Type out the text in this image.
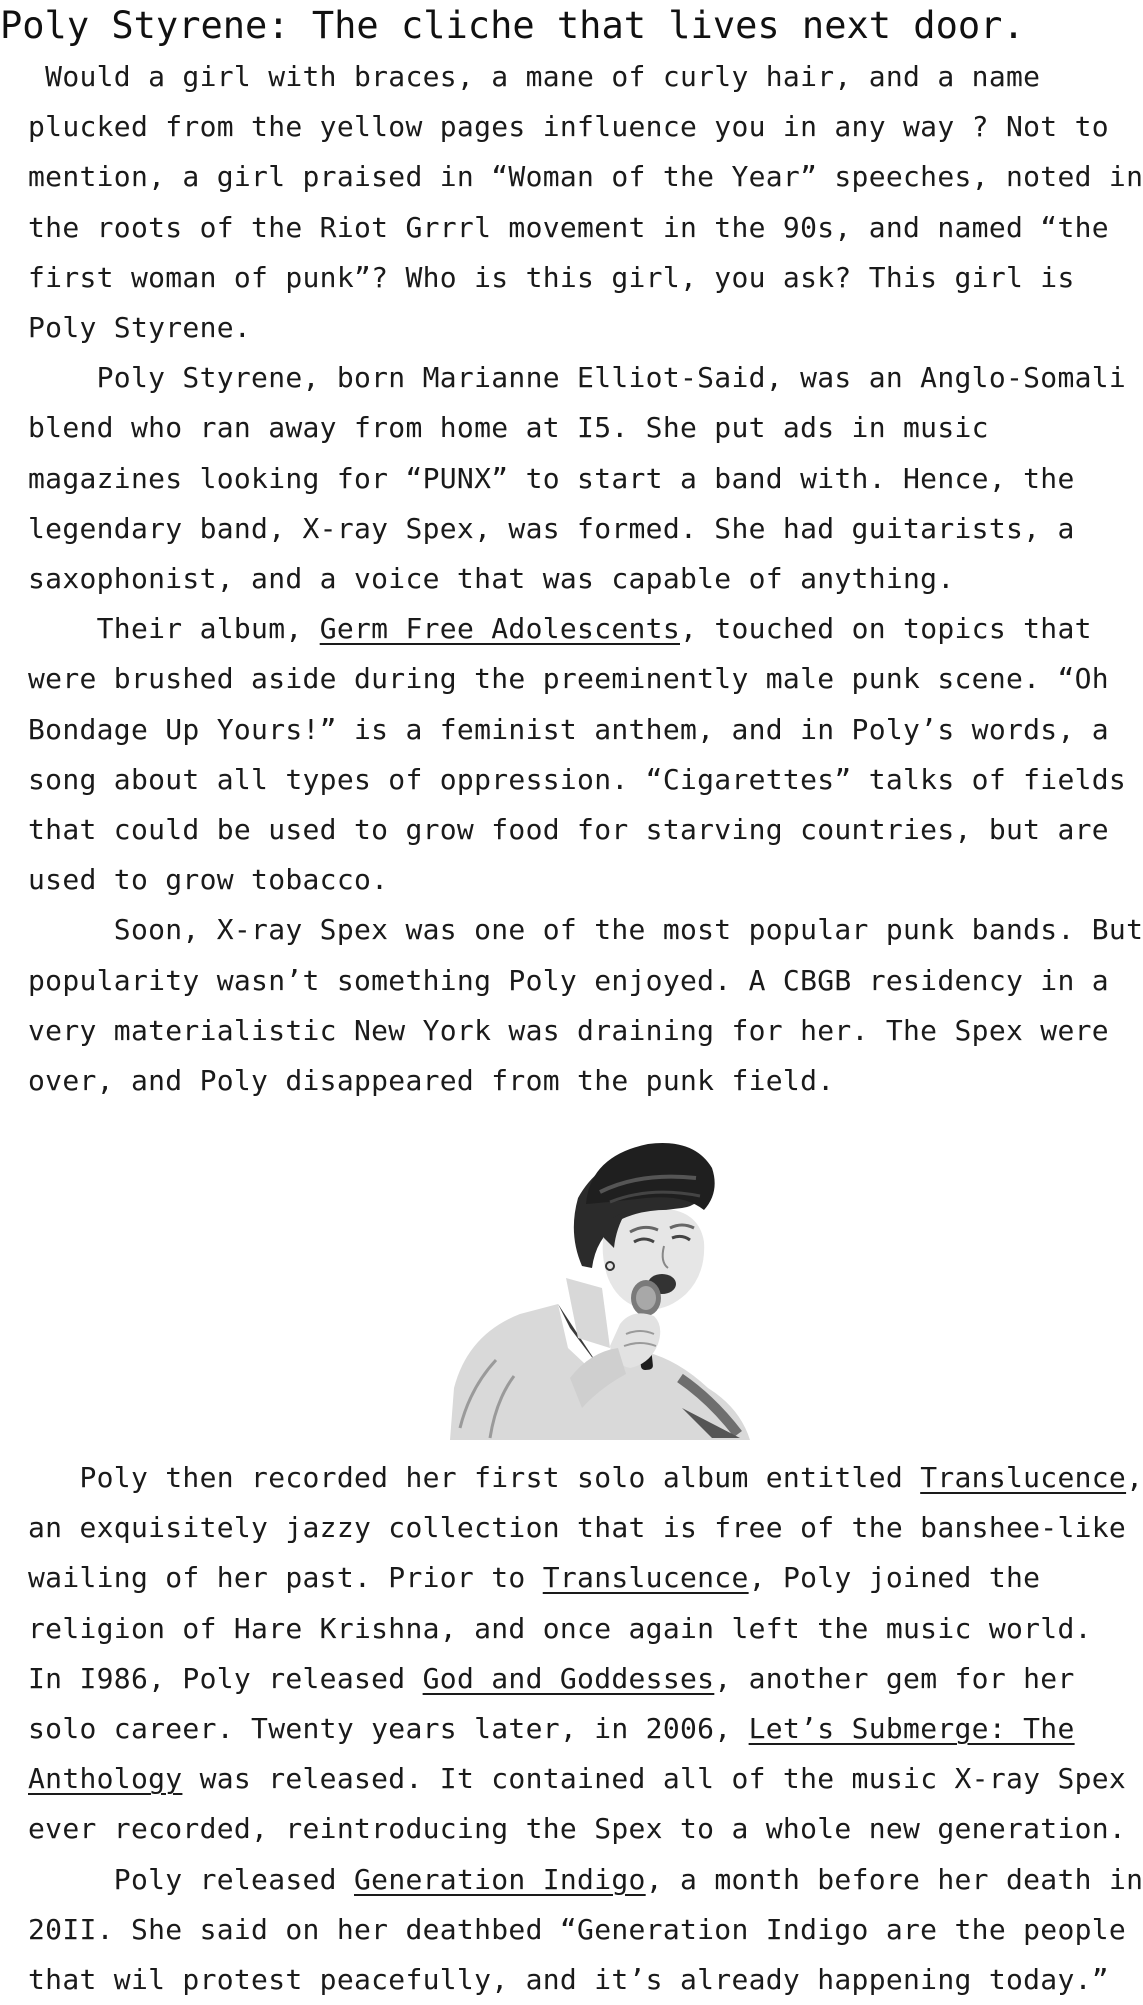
Poly Styrene: The cliche that lives next door.
Would a girl with braces, a mane of curly hair, and a name
plucked from the yellow pages influence you in any way ? Not to
mention, a girl praised in “Woman of the Year” speeches, noted in
the roots of the Riot Grrrl movement in the 90s, and named “the
first woman of punk”? Who is this girl, you ask? This girl is
Poly Styrene.
Poly Styrene, born Marianne Elliot-Said, was an Anglo-Somali
blend who ran away from home at I5. She put ads in music
magazines looking for “PUNX” to start a band with. Hence, the
legendary band, X-ray Spex, was formed. She had guitarists, a
saxophonist, and a voice that was capable of anything.
Their album, Germ Free Adolescents, touched on topics that
were brushed aside during the preeminently male punk scene. “Oh
Bondage Up Yours!” is a feminist anthem, and in Poly’s words, a
song about all types of oppression. “Cigarettes” talks of fields
that could be used to grow food for starving countries, but are
used to grow tobacco.
Soon, X-ray Spex was one of the most popular punk bands. But
popularity wasn’t something Poly enjoyed. A CBGB residency in a
very materialistic New York was draining for her. The Spex were
over, and Poly disappeared from the punk field.
Poly then recorded her first solo album entitled Translucence,
an exquisitely jazzy collection that is free of the banshee-like
wailing of her past. Prior to Translucence, Poly joined the
religion of Hare Krishna, and once again left the music world.
In I986, Poly released God and Goddesses, another gem for her
solo career. Twenty years later, in 2006, Let’s Submerge: The
Anthology was released. It contained all of the music X-ray Spex
ever recorded, reintroducing the Spex to a whole new generation.
Poly released Generation Indigo, a month before her death in
20II. She said on her deathbed “Generation Indigo are the people
that wil protest peacefully, and it’s already happening today.”
